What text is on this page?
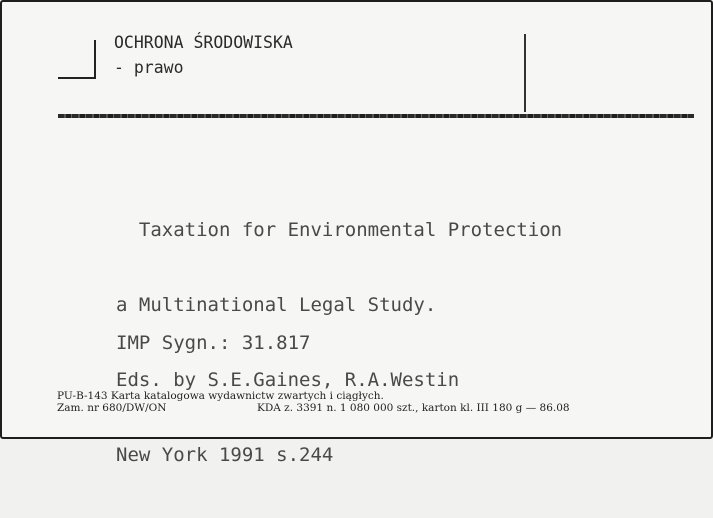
OCHRONA ŚRODOWISKA
- prawo

Taxation for Environmental Protection

a Multinational Legal Study.

Eds. by S.E.Gaines, R.A.Westin

New York 1991 s.244

IMP Sygn.: 31.817
PU-B-143 Karta katalogowa wydawnictw zwartych i ciągłych.
Zam. nr 680/DW/ON	KDA z. 3391 n. 1 080 000 szt., karton kl. III 180 g — 86.08
